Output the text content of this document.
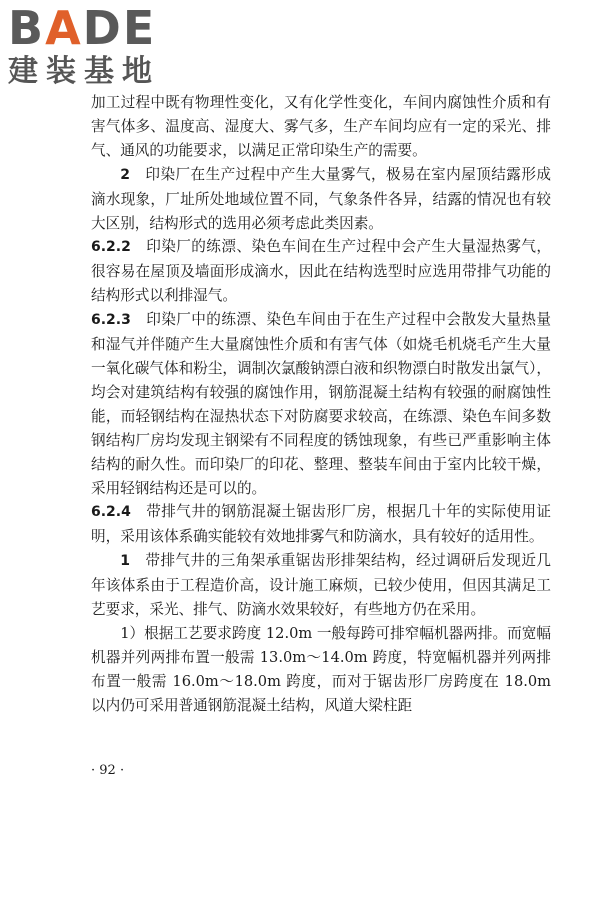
BADE
建装基地

加工过程中既有物理性变化，又有化学性变化，车间内腐蚀性介质和有害气体多、温度高、湿度大、雾气多，生产车间均应有一定的采光、排气、通风的功能要求，以满足正常印染生产的需要。

2　 印染厂在生产过程中产生大量雾气，极易在室内屋顶结露形成滴水现象，厂址所处地域位置不同，气象条件各异，结露的情况也有较大区别，结构形式的选用必须考虑此类因素。

6.2.2　 印染厂的练漂、染色车间在生产过程中会产生大量湿热雾气，很容易在屋顶及墙面形成滴水，因此在结构选型时应选用带排气功能的结构形式以利排湿气。

6.2.3　 印染厂中的练漂、染色车间由于在生产过程中会散发大量热量和湿气并伴随产生大量腐蚀性介质和有害气体（如烧毛机烧毛产生大量一氧化碳气体和粉尘，调制次氯酸钠漂白液和织物漂白时散发出氯气），均会对建筑结构有较强的腐蚀作用，钢筋混凝土结构有较强的耐腐蚀性能，而轻钢结构在湿热状态下对防腐要求较高，在练漂、染色车间多数钢结构厂房均发现主钢梁有不同程度的锈蚀现象，有些已严重影响主体结构的耐久性。而印染厂的印花、整理、整装车间由于室内比较干燥，采用轻钢结构还是可以的。

6.2.4　 带排气井的钢筋混凝土锯齿形厂房，根据几十年的实际使用证明，采用该体系确实能较有效地排雾气和防滴水，具有较好的适用性。

1　 带排气井的三角架承重锯齿形排架结构，经过调研后发现近几年该体系由于工程造价高，设计施工麻烦，已较少使用，但因其满足工艺要求，采光、排气、防滴水效果较好，有些地方仍在采用。

1）根据工艺要求跨度 12.0m 一般每跨可排窄幅机器两排。而宽幅机器并列两排布置一般需 13.0m～14.0m 跨度，特宽幅机器并列两排布置一般需 16.0m～18.0m 跨度，而对于锯齿形厂房跨度在 18.0m 以内仍可采用普通钢筋混凝土结构，风道大梁柱距

· 92 ·
